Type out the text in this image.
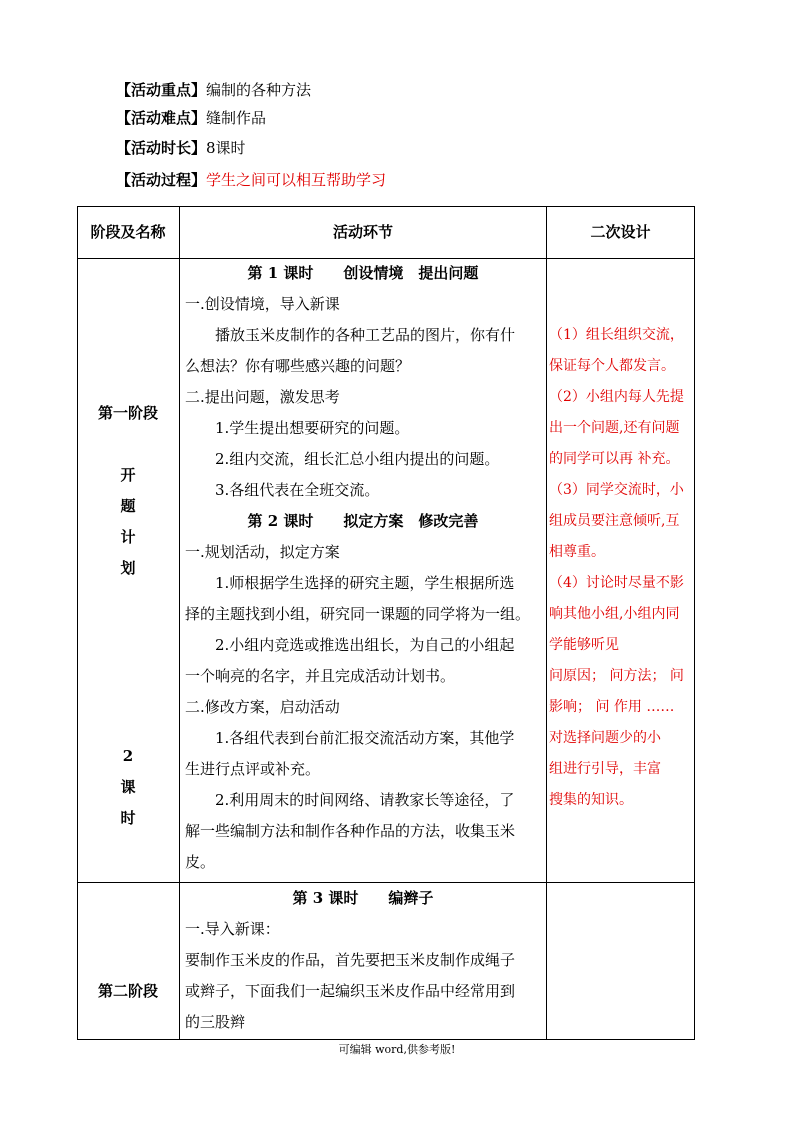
【活动重点】编制的各种方法
【活动难点】缝制作品
【活动时长】8课时
【活动过程】学生之间可以相互帮助学习
阶段及名称	活动环节	二次设计
第一阶段
开
题
计
划
2
课
时
第二阶段
第 1 课时　　创设情境　提出问题
一.创设情境，导入新课
　　播放玉米皮制作的各种工艺品的图片，你有什
么想法？你有哪些感兴趣的问题？
二.提出问题，激发思考
　　1.学生提出想要研究的问题。
　　2.组内交流，组长汇总小组内提出的问题。
　　3.各组代表在全班交流。
第 2 课时　　拟定方案　修改完善
一.规划活动，拟定方案
　　1.师根据学生选择的研究主题，学生根据所选
择的主题找到小组，研究同一课题的同学将为一组。
　　2.小组内竞选或推选出组长，为自己的小组起
一个响亮的名字，并且完成活动计划书。
二.修改方案，启动活动
　　1.各组代表到台前汇报交流活动方案，其他学
生进行点评或补充。
　　2.利用周末的时间网络、请教家长等途径，了
解一些编制方法和制作各种作品的方法，收集玉米
皮。
第 3 课时　　编辫子
一.导入新课：
要制作玉米皮的作品，首先要把玉米皮制作成绳子
或辫子，下面我们一起编织玉米皮作品中经常用到
的三股辫
（1）组长组织交流，
保证每个人都发言。
（2）小组内每人先提
出一个问题,还有问题
的同学可以再 补充。
（3）同学交流时，小
组成员要注意倾听,互
相尊重。
（4）讨论时尽量不影
响其他小组,小组内同
学能够听见
问原因； 问方法； 问
影响； 问 作用 ……
对选择问题少的小
组进行引导，丰富
搜集的知识。
可编辑 word,供参考版!
